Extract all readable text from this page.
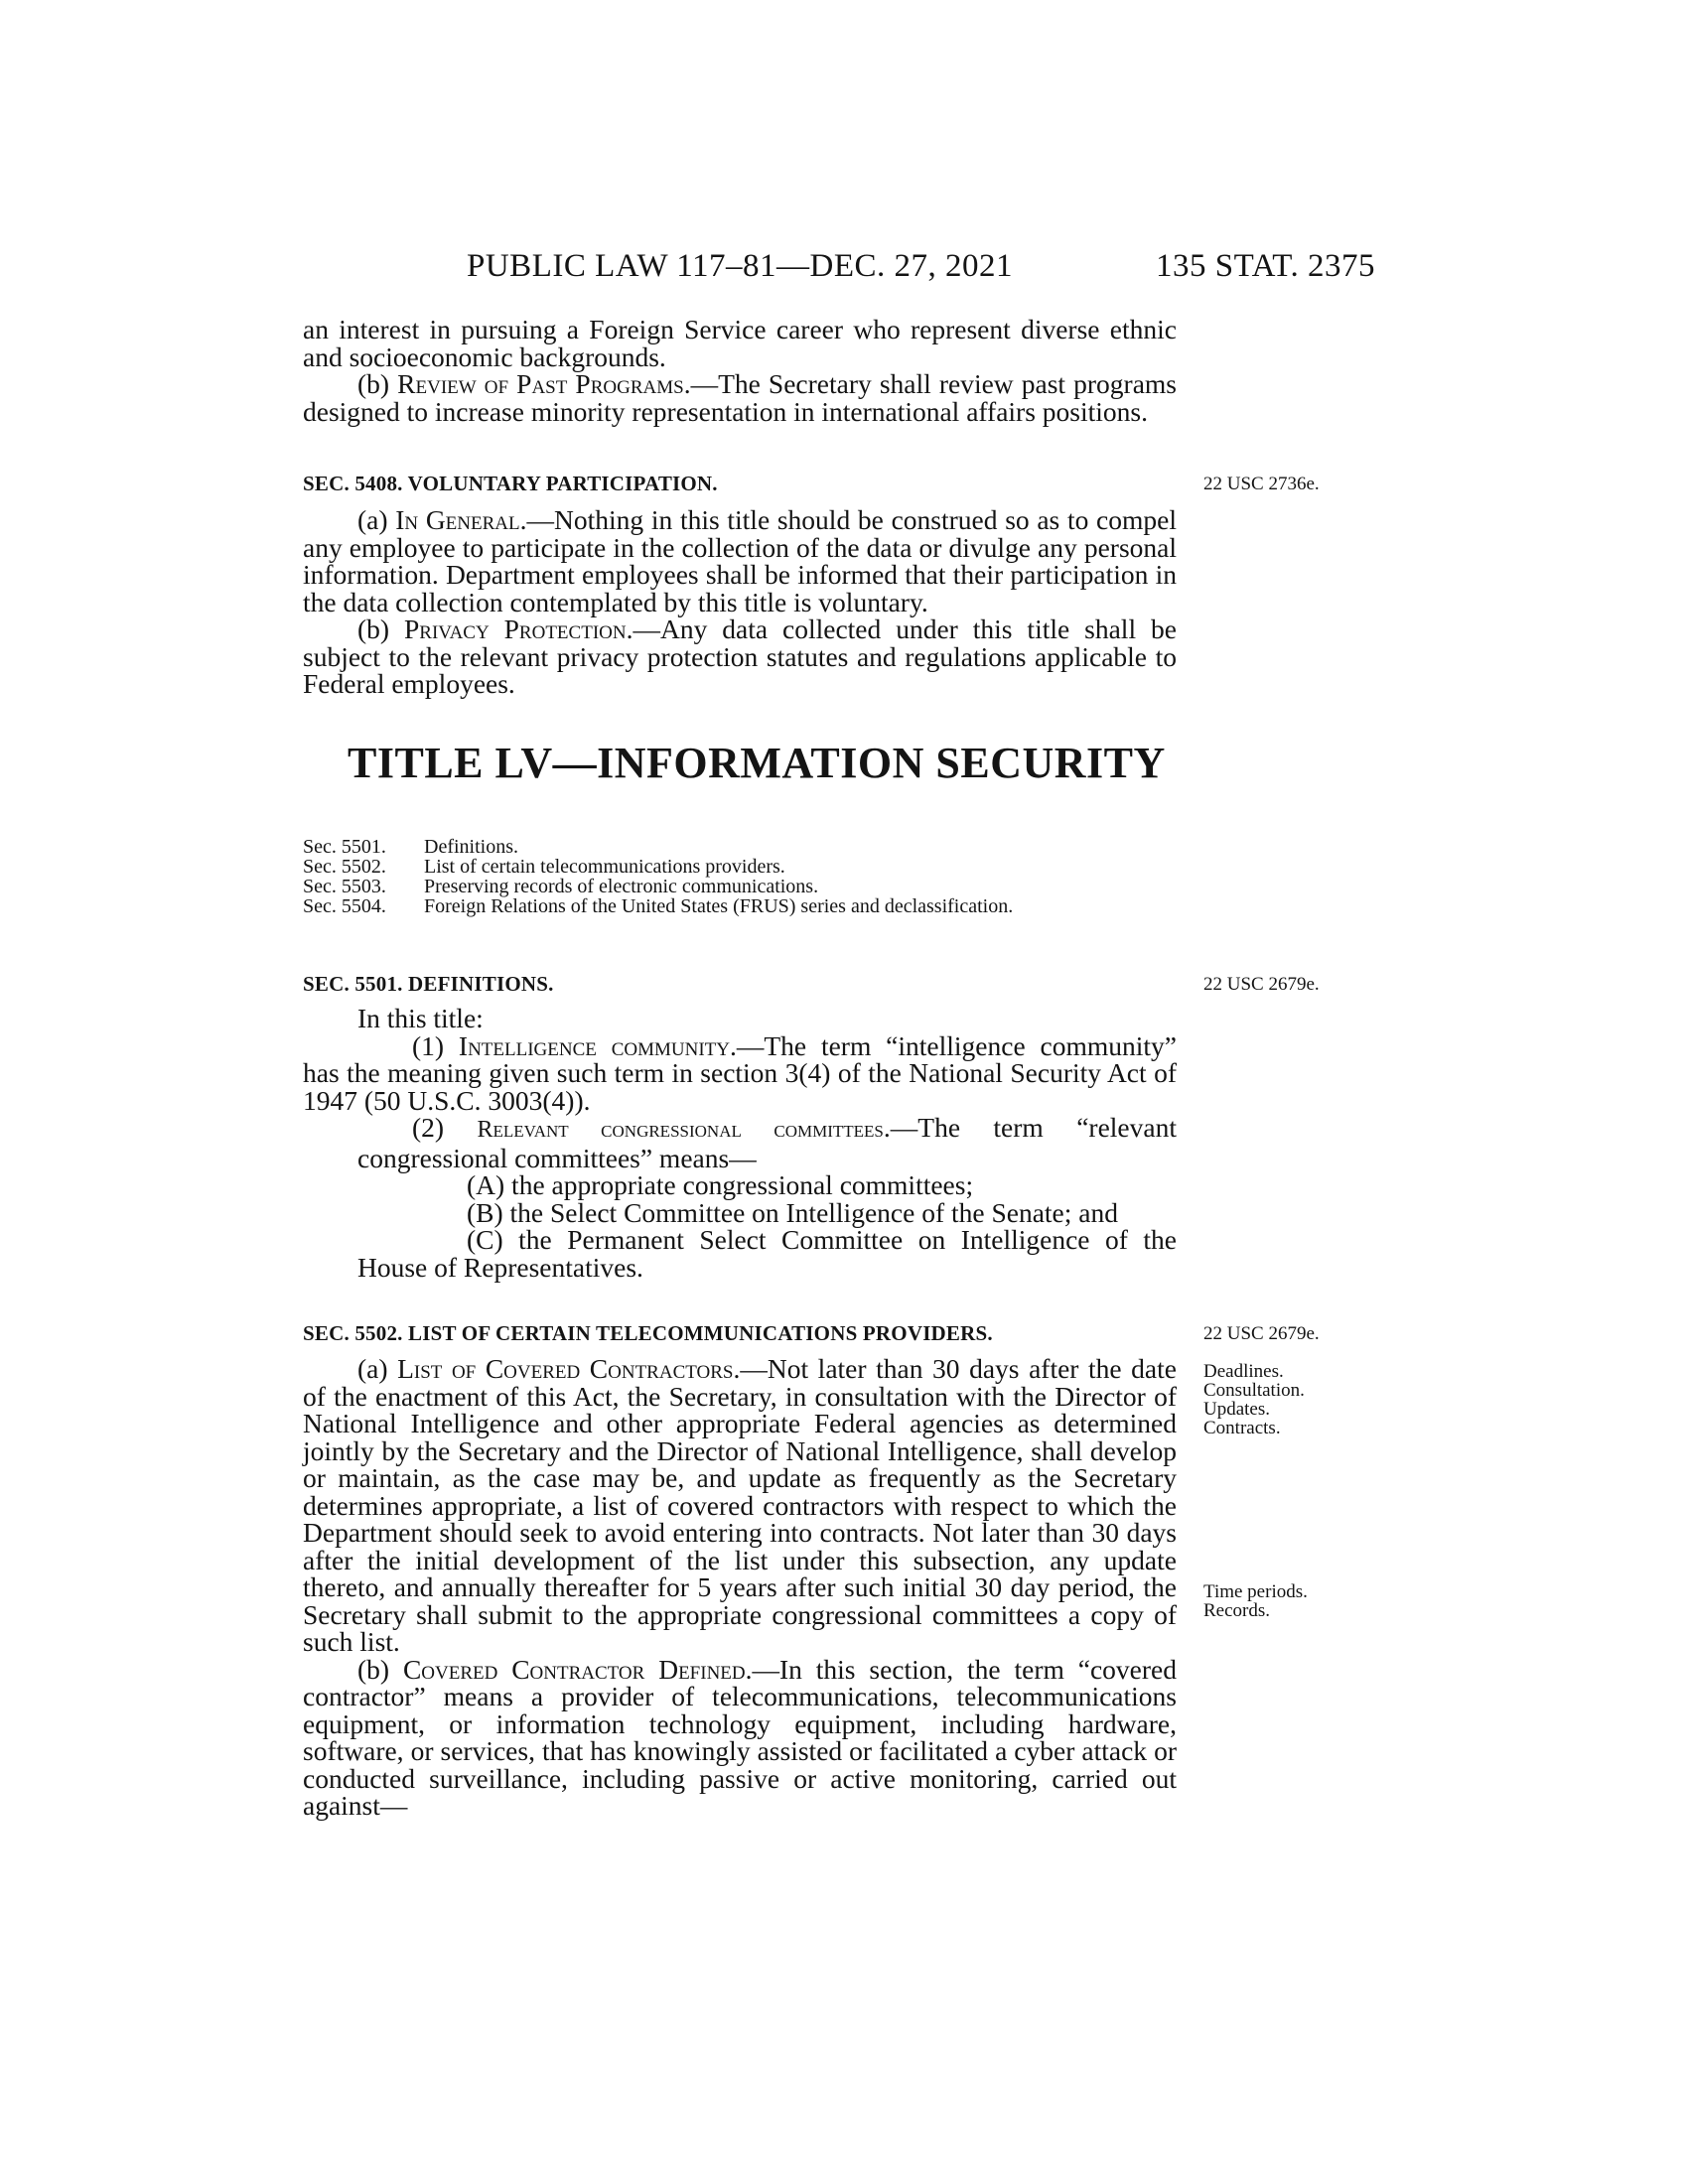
PUBLIC LAW 117–81—DEC. 27, 2021	135 STAT. 2375

an interest in pursuing a Foreign Service career who represent diverse ethnic and socioeconomic backgrounds.

(b) Review of Past Programs.—The Secretary shall review past programs designed to increase minority representation in international affairs positions.

SEC. 5408. VOLUNTARY PARTICIPATION.	22 USC 2736e.

(a) In General.—Nothing in this title should be construed so as to compel any employee to participate in the collection of the data or divulge any personal information. Department employees shall be informed that their participation in the data collection contemplated by this title is voluntary.

(b) Privacy Protection.—Any data collected under this title shall be subject to the relevant privacy protection statutes and regulations applicable to Federal employees.

TITLE LV—INFORMATION SECURITY

Sec. 5501.	Definitions.
Sec. 5502.	List of certain telecommunications providers.
Sec. 5503.	Preserving records of electronic communications.
Sec. 5504.	Foreign Relations of the United States (FRUS) series and declassification.

SEC. 5501. DEFINITIONS.	22 USC 2679e.

In this title:

(1) Intelligence community.—The term “intelligence community” has the meaning given such term in section 3(4) of the National Security Act of 1947 (50 U.S.C. 3003(4)).

(2) Relevant congressional committees.—The term “relevant congressional committees” means—

(A) the appropriate congressional committees;

(B) the Select Committee on Intelligence of the Senate; and

(C) the Permanent Select Committee on Intelligence of the House of Representatives.

SEC. 5502. LIST OF CERTAIN TELECOMMUNICATIONS PROVIDERS.	22 USC 2679e.
Deadlines.
Consultation.
Updates.
Contracts.
Time periods.
Records.

(a) List of Covered Contractors.—Not later than 30 days after the date of the enactment of this Act, the Secretary, in consultation with the Director of National Intelligence and other appropriate Federal agencies as determined jointly by the Secretary and the Director of National Intelligence, shall develop or maintain, as the case may be, and update as frequently as the Secretary determines appropriate, a list of covered contractors with respect to which the Department should seek to avoid entering into contracts. Not later than 30 days after the initial development of the list under this subsection, any update thereto, and annually thereafter for 5 years after such initial 30 day period, the Secretary shall submit to the appropriate congressional committees a copy of such list.

(b) Covered Contractor Defined.—In this section, the term “covered contractor” means a provider of telecommunications, telecommunications equipment, or information technology equipment, including hardware, software, or services, that has knowingly assisted or facilitated a cyber attack or conducted surveillance, including passive or active monitoring, carried out against—
